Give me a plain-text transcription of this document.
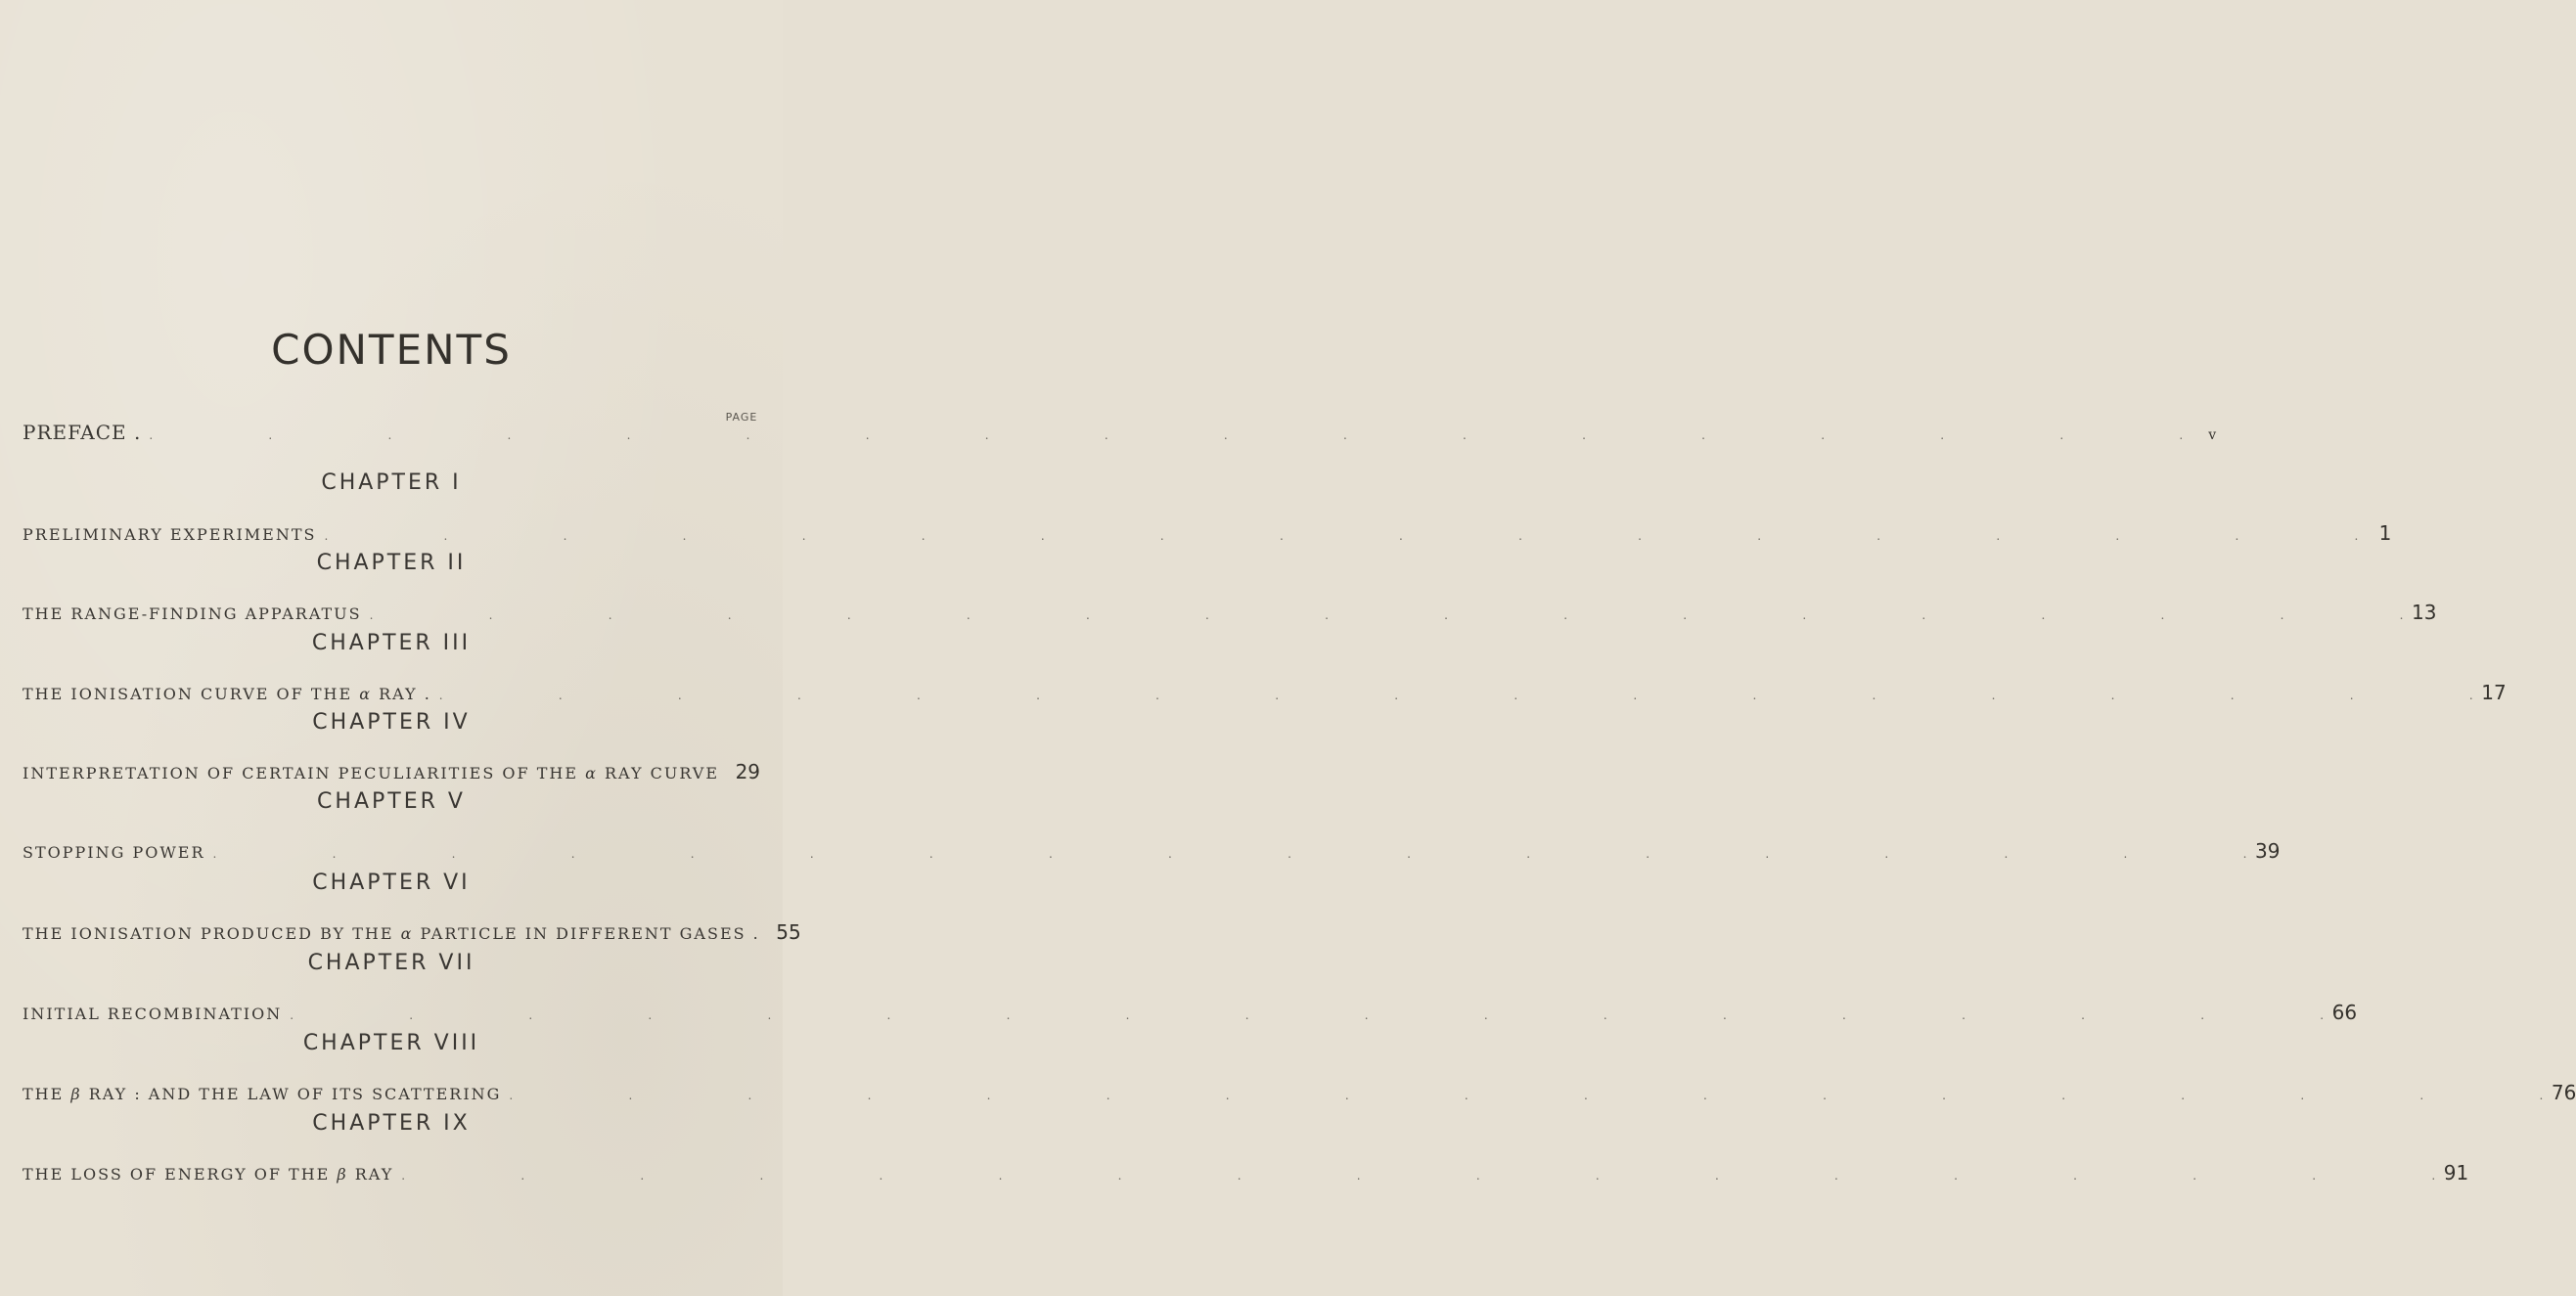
CONTENTS
PAGE
PREFACE . .	v
CHAPTER I
PRELIMINARY EXPERIMENTS .	1
CHAPTER II
THE RANGE-FINDING APPARATUS .	13
CHAPTER III
THE IONISATION CURVE OF THE α RAY . .	17
CHAPTER IV
INTERPRETATION OF CERTAIN PECULIARITIES OF THE α RAY CURVE 29
CHAPTER V
STOPPING POWER .	39
CHAPTER VI
THE IONISATION PRODUCED BY THE α PARTICLE IN DIFFERENT GASES . 55
CHAPTER VII
INITIAL RECOMBINATION .	66
CHAPTER VIII
THE β RAY : AND THE LAW OF ITS SCATTERING .	76
CHAPTER IX
THE LOSS OF ENERGY OF THE β RAY .	91
